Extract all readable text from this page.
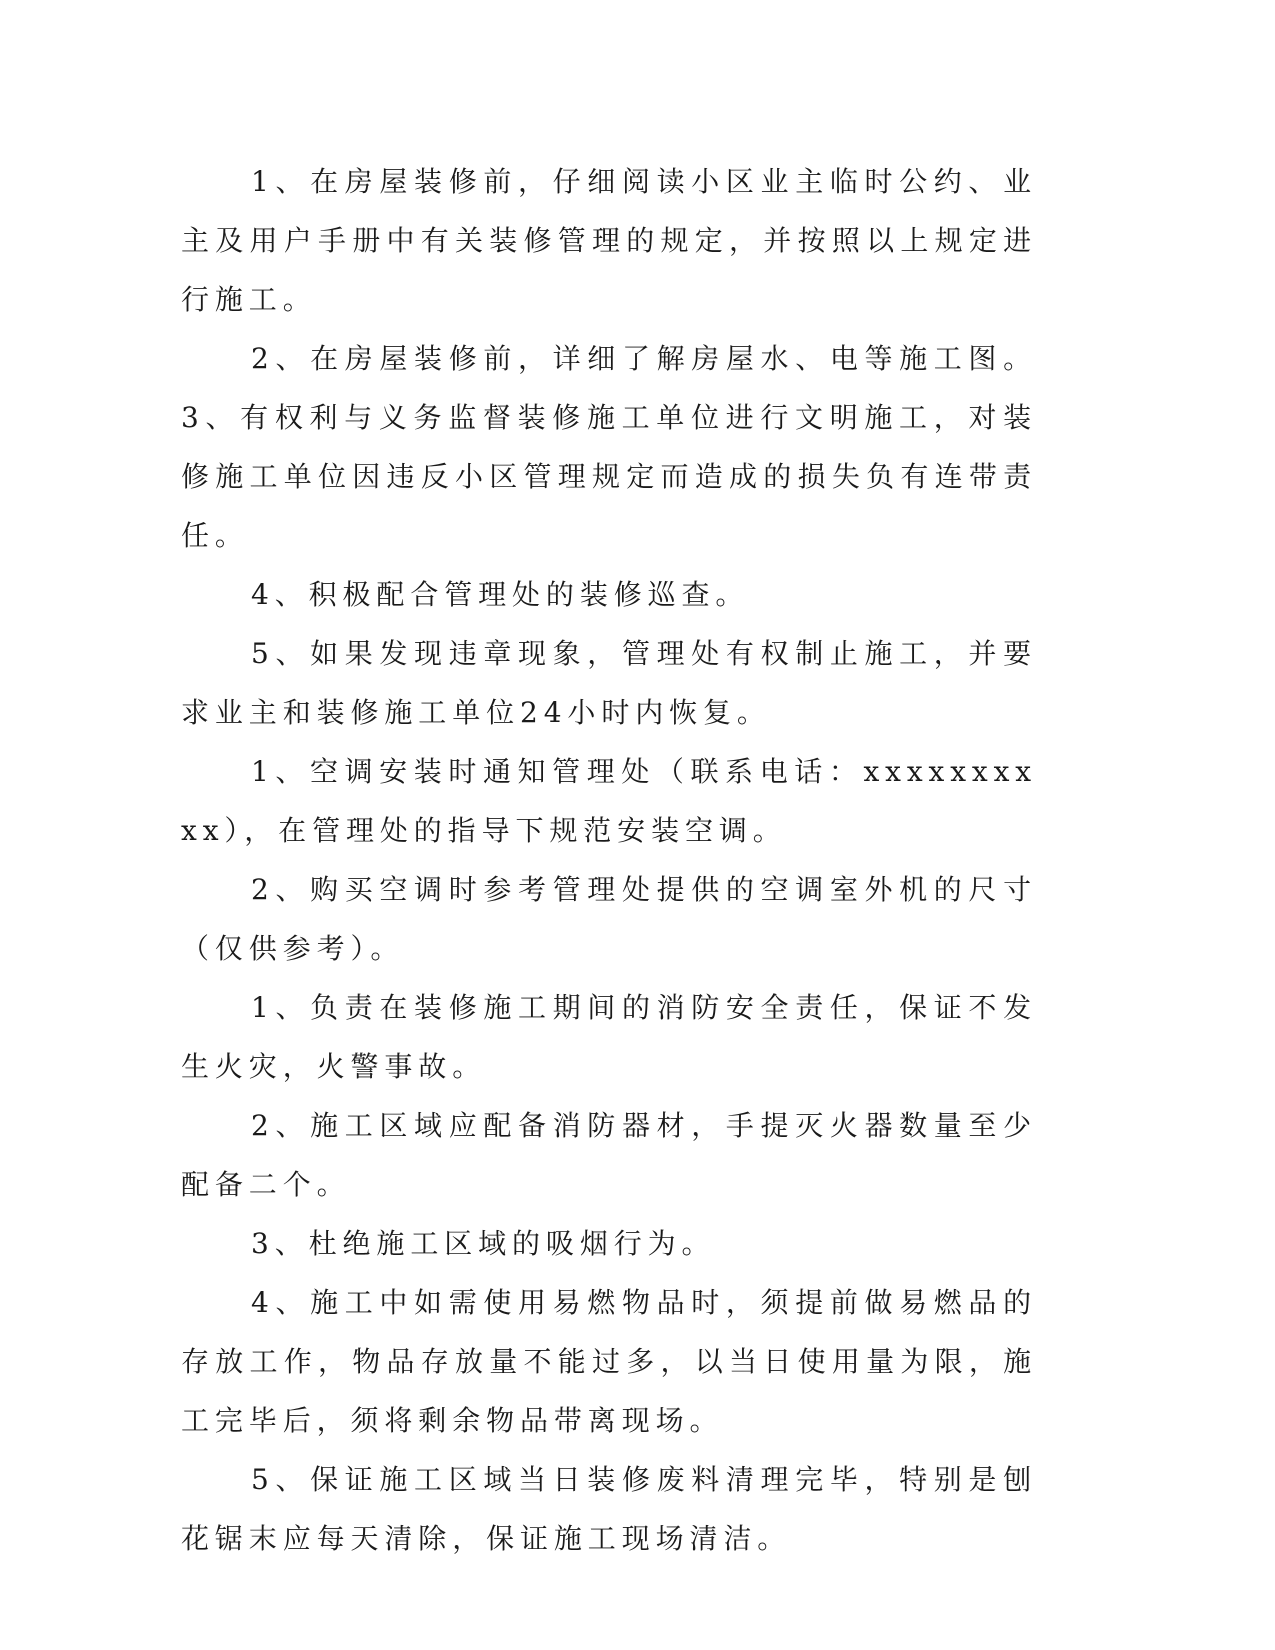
1、在房屋装修前，仔细阅读小区业主临时公约、业主及用户手册中有关装修管理的规定，并按照以上规定进行施工。

2、在房屋装修前，详细了解房屋水、电等施工图。 3、有权利与义务监督装修施工单位进行文明施工，对装修施工单位因违反小区管理规定而造成的损失负有连带责任。

4、积极配合管理处的装修巡查。

5、如果发现违章现象，管理处有权制止施工，并要求业主和装修施工单位24小时内恢复。

1、空调安装时通知管理处（联系电话：xxxxxxxxxx），在管理处的指导下规范安装空调。

2、购买空调时参考管理处提供的空调室外机的尺寸（仅供参考）。

1、负责在装修施工期间的消防安全责任，保证不发生火灾，火警事故。

2、施工区域应配备消防器材，手提灭火器数量至少配备二个。

3、杜绝施工区域的吸烟行为。

4、施工中如需使用易燃物品时，须提前做易燃品的存放工作，物品存放量不能过多，以当日使用量为限，施工完毕后，须将剩余物品带离现场。

5、保证施工区域当日装修废料清理完毕，特别是刨花锯末应每天清除，保证施工现场清洁。
